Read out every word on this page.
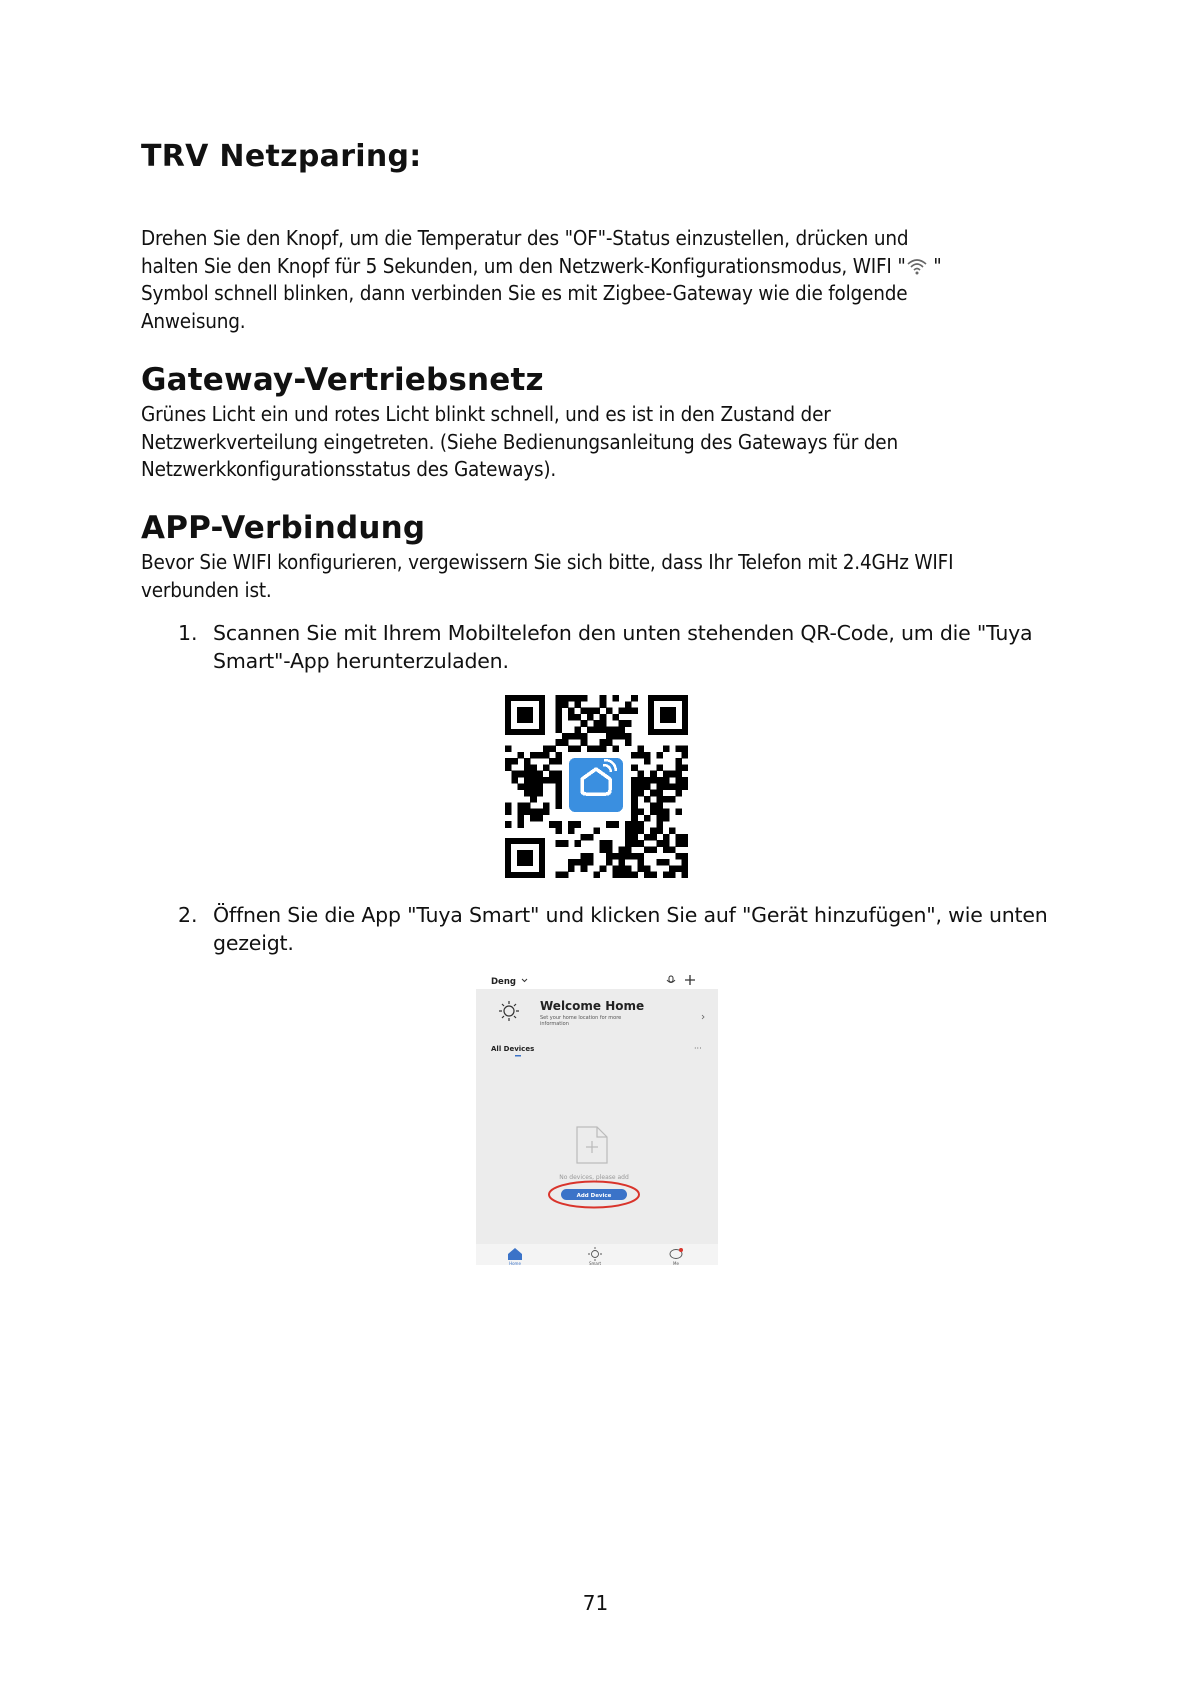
TRV Netzparing:
Drehen Sie den Knopf, um die Temperatur des "OF"-Status einzustellen, drücken und
halten Sie den Knopf für 5 Sekunden, um den Netzwerk-Konfigurationsmodus, WIFI " "
Symbol schnell blinken, dann verbinden Sie es mit Zigbee-Gateway wie die folgende
Anweisung.
Gateway-Vertriebsnetz
Grünes Licht ein und rotes Licht blinkt schnell, und es ist in den Zustand der
Netzwerkverteilung eingetreten. (Siehe Bedienungsanleitung des Gateways für den
Netzwerkkonfigurationsstatus des Gateways).
APP-Verbindung
Bevor Sie WIFI konfigurieren, vergewissern Sie sich bitte, dass Ihr Telefon mit 2.4GHz WIFI
verbunden ist.
1. Scannen Sie mit Ihrem Mobiltelefon den unten stehenden QR-Code, um die "Tuya
Smart"-App herunterzuladen.
2. Öffnen Sie die App "Tuya Smart" und klicken Sie auf "Gerät hinzufügen", wie unten
gezeigt.
Deng
Welcome Home
Set your home location for more
information
All Devices	···
No devices, please add
Add Device
Home	Smart	Me
71
